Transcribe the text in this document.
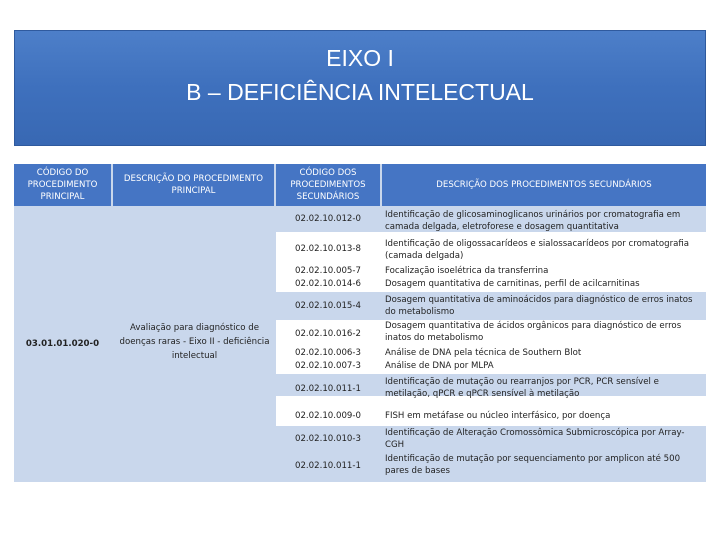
EIXO I
B – DEFICIÊNCIA INTELECTUAL
CÓDIGO DO PROCEDIMENTO PRINCIPAL
DESCRIÇÃO DO PROCEDIMENTO PRINCIPAL
CÓDIGO DOS PROCEDIMENTOS SECUNDÁRIOS
DESCRIÇÃO DOS PROCEDIMENTOS SECUNDÁRIOS
03.01.01.020-0
Avaliação para diagnóstico de doenças raras - Eixo II - deficiência intelectual
02.02.10.012-0
02.02.10.013-8
02.02.10.005-7
02.02.10.014-6
02.02.10.015-4
02.02.10.016-2
02.02.10.006-3
02.02.10.007-3
02.02.10.011-1
02.02.10.009-0
02.02.10.010-3
02.02.10.011-1
Identificação de glicosaminoglicanos urinários por cromatografia em camada delgada, eletroforese e dosagem quantitativa
Identificação de oligossacarídeos e sialossacarídeos por cromatografia (camada delgada)
Focalização isoelétrica da transferrina
Dosagem quantitativa de carnitinas, perfil de acilcarnitinas
Dosagem quantitativa de aminoácidos para diagnóstico de erros inatos do metabolismo
Dosagem quantitativa de ácidos orgânicos para diagnóstico de erros inatos do metabolismo
Análise de DNA pela técnica de Southern Blot
Análise de DNA por MLPA
Identificação de mutação ou rearranjos por PCR, PCR sensível e metilação, qPCR e qPCR sensível à metilação
FISH em metáfase ou núcleo interfásico, por doença
Identificação de Alteração Cromossômica Submicroscópica por Array-CGH
Identificação de mutação por sequenciamento por amplicon até 500 pares de bases
